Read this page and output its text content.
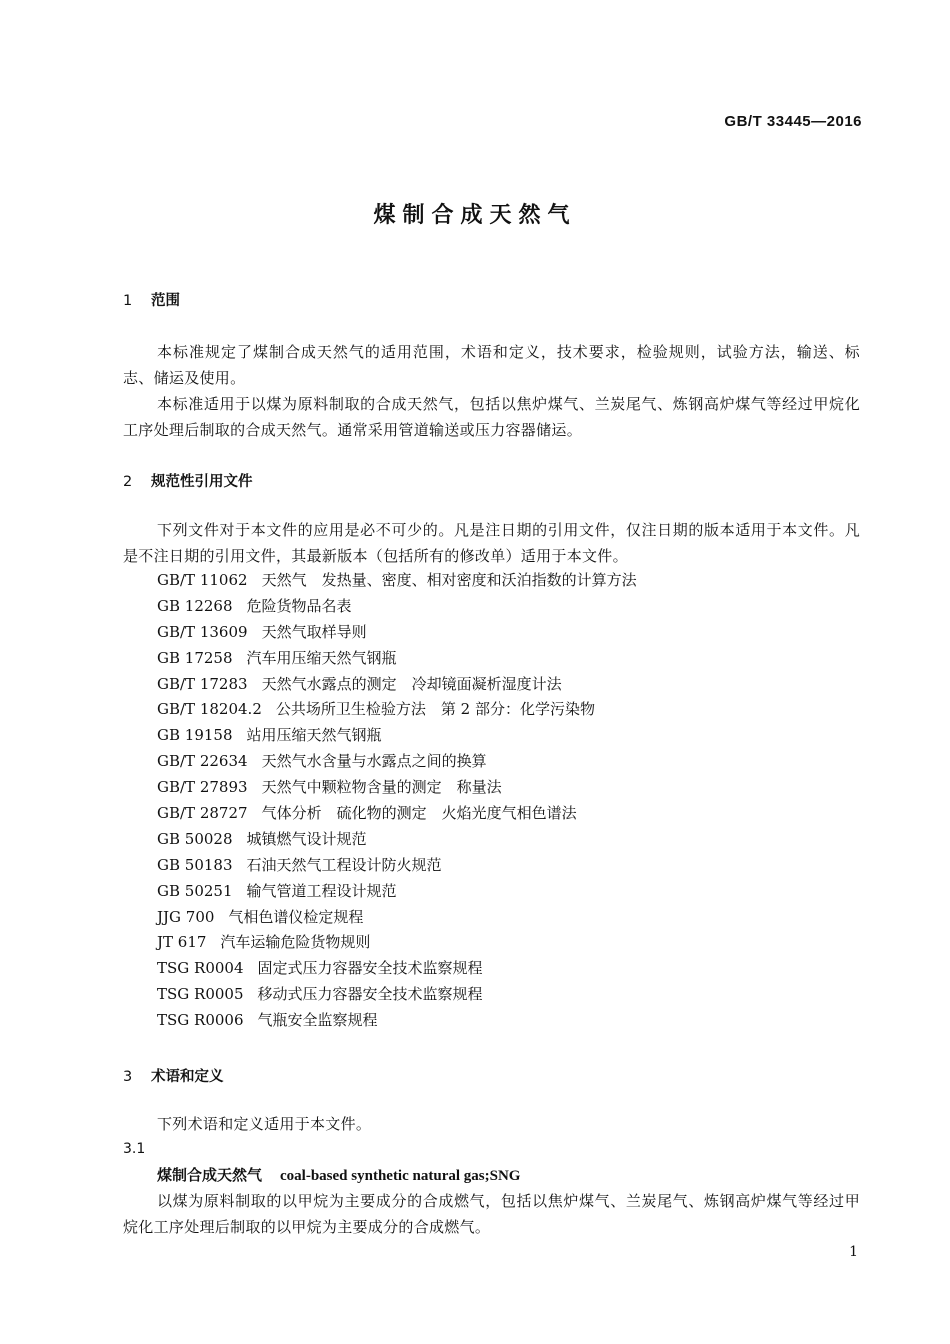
GB/T 33445—2016
煤制合成天然气
1 范围
本标准规定了煤制合成天然气的适用范围，术语和定义，技术要求，检验规则，试验方法，输送、标志、储运及使用。
本标准适用于以煤为原料制取的合成天然气，包括以焦炉煤气、兰炭尾气、炼钢高炉煤气等经过甲烷化工序处理后制取的合成天然气。通常采用管道输送或压力容器储运。
2 规范性引用文件
下列文件对于本文件的应用是必不可少的。凡是注日期的引用文件，仅注日期的版本适用于本文件。凡是不注日期的引用文件，其最新版本（包括所有的修改单）适用于本文件。
GB/T 11062 天然气　发热量、密度、相对密度和沃泊指数的计算方法
GB 12268 危险货物品名表
GB/T 13609 天然气取样导则
GB 17258 汽车用压缩天然气钢瓶
GB/T 17283 天然气水露点的测定　冷却镜面凝析湿度计法
GB/T 18204.2 公共场所卫生检验方法　第 2 部分：化学污染物
GB 19158 站用压缩天然气钢瓶
GB/T 22634 天然气水含量与水露点之间的换算
GB/T 27893 天然气中颗粒物含量的测定　称量法
GB/T 28727 气体分析　硫化物的测定　火焰光度气相色谱法
GB 50028 城镇燃气设计规范
GB 50183 石油天然气工程设计防火规范
GB 50251 输气管道工程设计规范
JJG 700 气相色谱仪检定规程
JT 617 汽车运输危险货物规则
TSG R0004 固定式压力容器安全技术监察规程
TSG R0005 移动式压力容器安全技术监察规程
TSG R0006 气瓶安全监察规程
3 术语和定义
下列术语和定义适用于本文件。
3.1
煤制合成天然气 coal-based synthetic natural gas;SNG
以煤为原料制取的以甲烷为主要成分的合成燃气，包括以焦炉煤气、兰炭尾气、炼钢高炉煤气等经过甲烷化工序处理后制取的以甲烷为主要成分的合成燃气。
1
